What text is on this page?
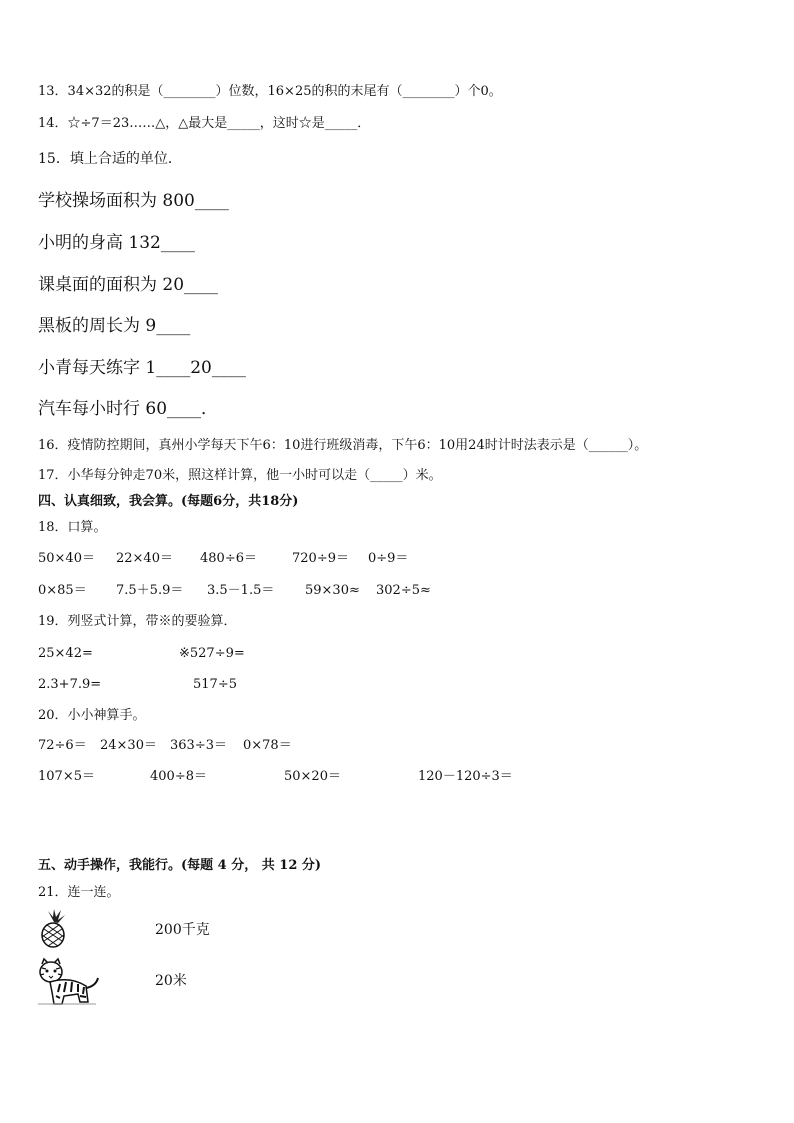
13．34×32的积是（________）位数，16×25的积的末尾有（________）个0。
14．☆÷7＝23……△，△最大是_____，这时☆是_____．
15．填上合适的单位．
学校操场面积为 800____
小明的身高 132____
课桌面的面积为 20____
黑板的周长为 9____
小青每天练字 1____20____
汽车每小时行 60____．
16．疫情防控期间，真州小学每天下午6：10进行班级消毒，下午6：10用24时计时法表示是（______）。
17．小华每分钟走70米，照这样计算，他一小时可以走（_____）米。
四、认真细致，我会算。(每题6分，共18分)
18．口算。
50×40＝ 22×40＝ 480÷6＝	720÷9＝ 0÷9＝
0×85＝ 7.5＋5.9＝ 3.5－1.5＝ 59×30≈ 302÷5≈
19．列竖式计算，带※的要验算．
25×42=	※527÷9=
2.3+7.9=	517÷5
20．小小神算手。
72÷6＝ 24×30＝ 363÷3＝ 0×78＝
107×5＝	400÷8＝	50×20＝	120－120÷3＝
五、动手操作，我能行。(每题 4 分， 共 12 分)
21．连一连。
200千克
20米
